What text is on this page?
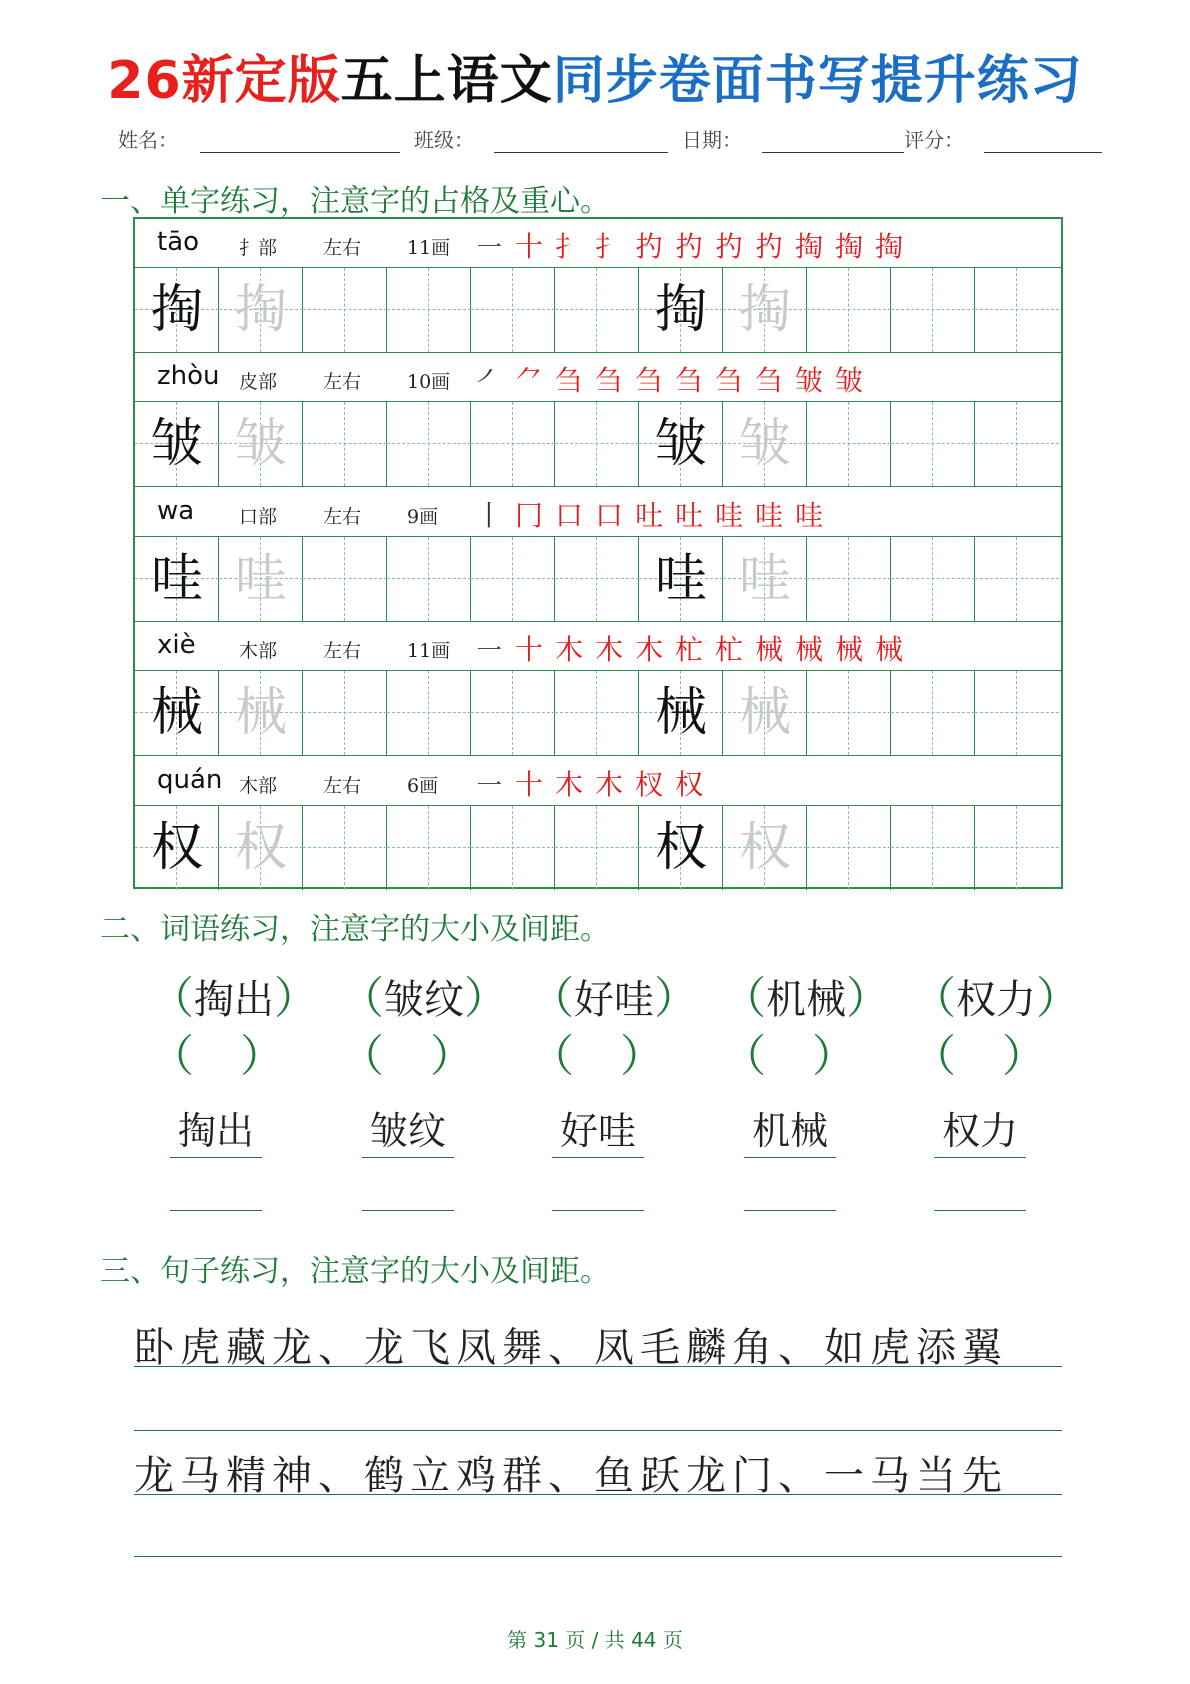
26新定版五上语文同步卷面书写提升练习
姓名：	班级：	日期：	评分：
一、单字练习，注意字的占格及重心。
tāo 扌部 左右 11画 ㇐十扌扌扚扚扚扚掏掏掏
掏 掏	掏 掏
zhòu 皮部 左右 10画 ㇒⺈刍刍刍刍刍刍皱皱
皱 皱	皱 皱
wa 口部 左右 9画 丨冂口口吐吐哇哇哇
哇 哇	哇 哇
xiè 木部 左右 11画 ㇐十木木木杧杧械械械械
械 械	械 械
quán 木部 左右 6画 ㇐十木木杈权
权 权	权 权
二、词语练习，注意字的大小及间距。
（掏出）
（ ）
掏出
（皱纹）
（ ）
皱纹
（好哇）
（ ）
好哇
（机械）
（ ）
机械
（权力）
（ ）
权力
三、句子练习，注意字的大小及间距。
卧虎藏龙、龙飞凤舞、凤毛麟角、如虎添翼
龙马精神、鹤立鸡群、鱼跃龙门、一马当先
第 31 页 / 共 44 页
